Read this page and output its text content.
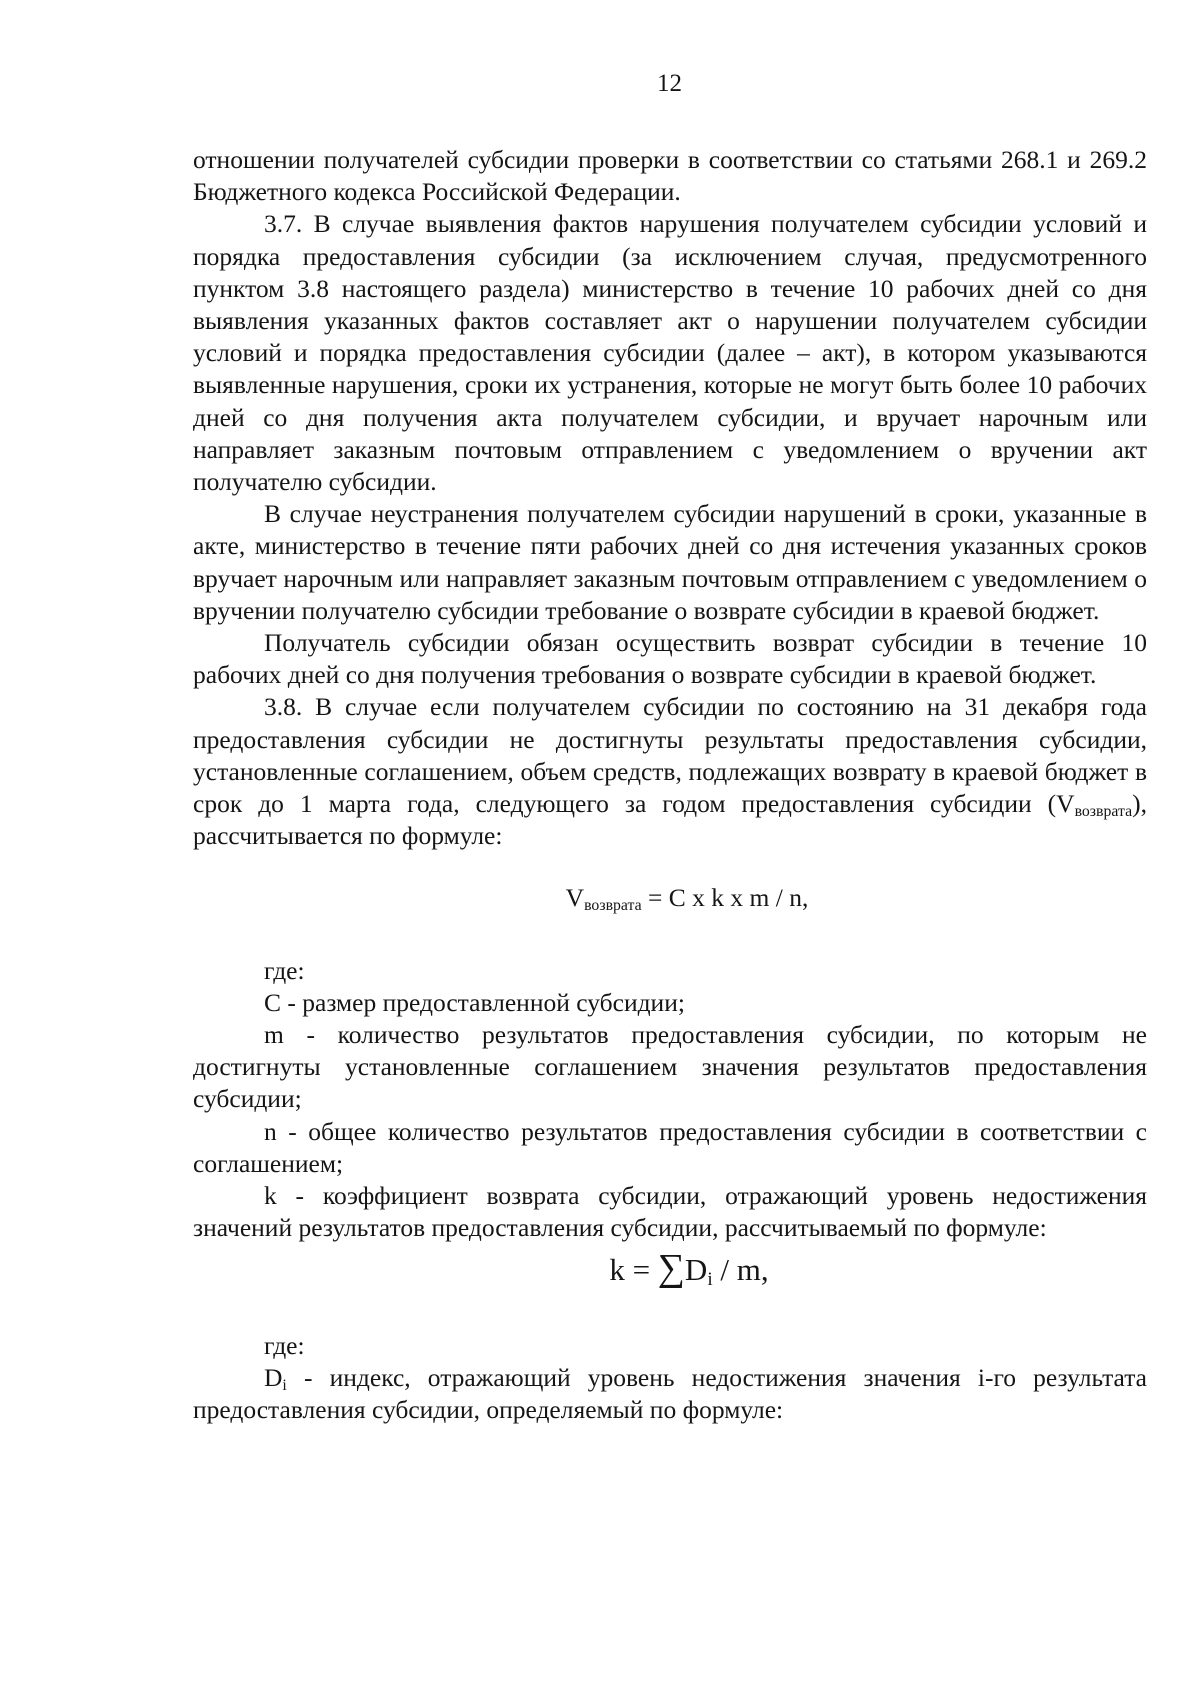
12

отношении получателей субсидии проверки в соответствии со статьями 268.1 и 269.2 Бюджетного кодекса Российской Федерации.

3.7. В случае выявления фактов нарушения получателем субсидии условий и порядка предоставления субсидии (за исключением случая, предусмотренного пунктом 3.8 настоящего раздела) министерство в течение 10 рабочих дней со дня выявления указанных фактов составляет акт о нарушении получателем субсидии условий и порядка предоставления субсидии (далее – акт), в котором указываются выявленные нарушения, сроки их устранения, которые не могут быть более 10 рабочих дней со дня получения акта получателем субсидии, и вручает нарочным или направляет заказным почтовым отправлением с уведомлением о вручении акт получателю субсидии.

В случае неустранения получателем субсидии нарушений в сроки, указанные в акте, министерство в течение пяти рабочих дней со дня истечения указанных сроков вручает нарочным или направляет заказным почтовым отправлением с уведомлением о вручении получателю субсидии требование о возврате субсидии в краевой бюджет.

Получатель субсидии обязан осуществить возврат субсидии в течение 10 рабочих дней со дня получения требования о возврате субсидии в краевой бюджет.

3.8. В случае если получателем субсидии по состоянию на 31 декабря года предоставления субсидии не достигнуты результаты предоставления субсидии, установленные соглашением, объем средств, подлежащих возврату в краевой бюджет в срок до 1 марта года, следующего за годом предоставления субсидии $(V_{возврата})$, рассчитывается по формуле:

$V_{возврата} = С$ x k x m / n,

где:

С - размер предоставленной субсидии;

m - количество результатов предоставления субсидии, по которым не достигнуты установленные соглашением значения результатов предоставления субсидии;

n - общее количество результатов предоставления субсидии в соответствии с соглашением;

k - коэффициент возврата субсидии, отражающий уровень недостижения значений результатов предоставления субсидии, рассчитываемый по формуле:

$k = \sum D_i / m$,

где:

$D_i$ - индекс, отражающий уровень недостижения значения i-го результата предоставления субсидии, определяемый по формуле:
